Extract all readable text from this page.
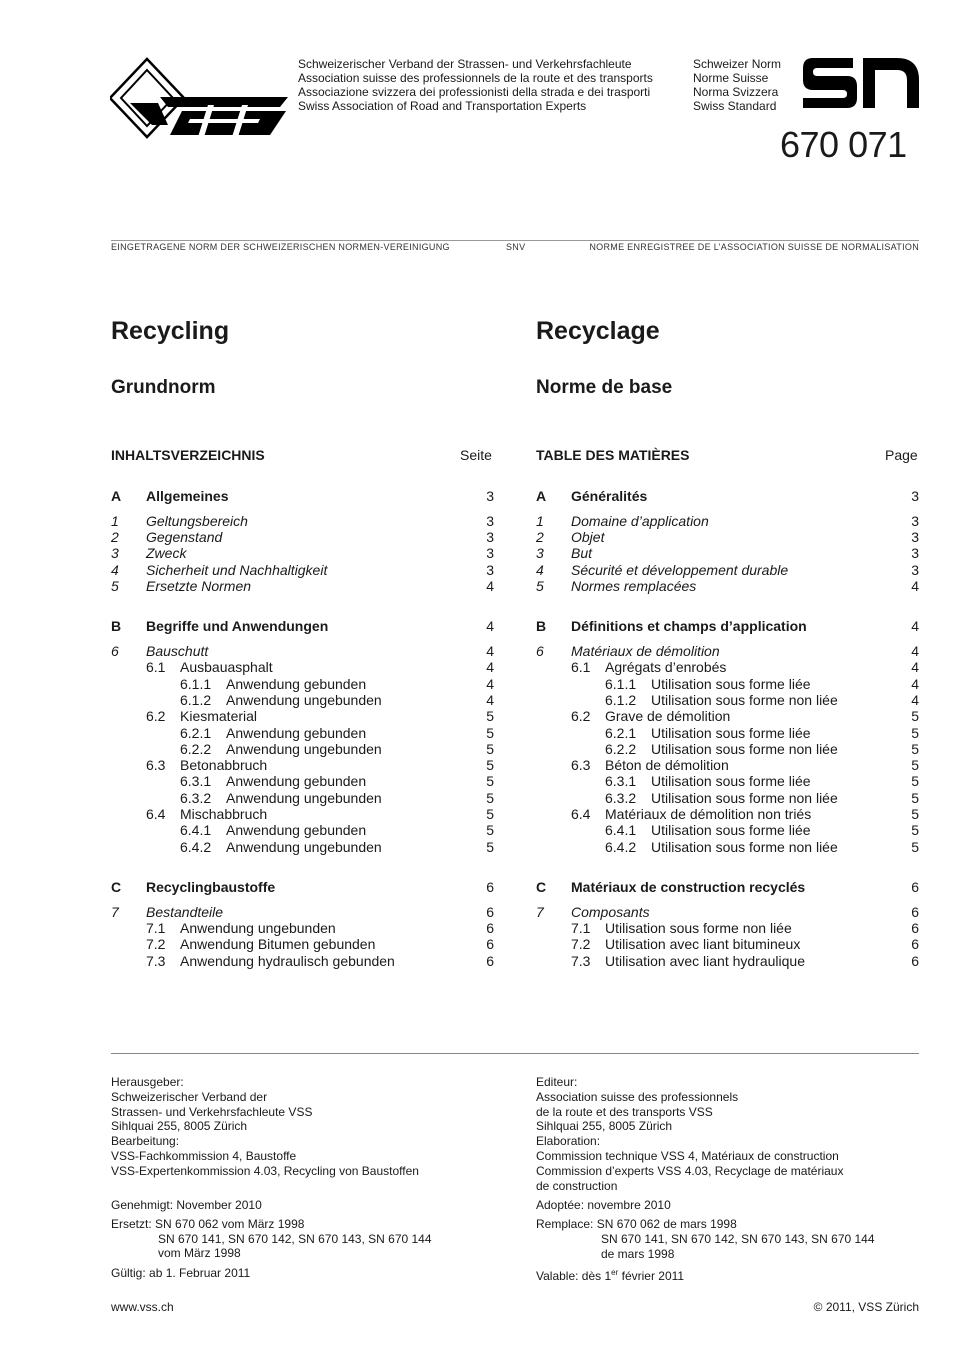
Schweizerischer Verband der Strassen- und Verkehrsfachleute
Association suisse des professionnels de la route et des transports
Associazione svizzera dei professionisti della strada e dei trasporti
Swiss Association of Road and Transportation Experts
Schweizer Norm
Norme Suisse
Norma Svizzera
Swiss Standard
670 071
EINGETRAGENE NORM DER SCHWEIZERISCHEN NORMEN-VEREINIGUNG	SNV	NORME ENREGISTREE DE L’ASSOCIATION SUISSE DE NORMALISATION
Recycling	Recyclage
Grundnorm	Norme de base
INHALTSVERZEICHNIS	Seite	TABLE DES MATIÈRES	Page
A Allgemeines	3
1 Geltungsbereich	3
2 Gegenstand	3
3 Zweck	3
4 Sicherheit und Nachhaltigkeit	3
5 Ersetzte Normen	4
B Begriffe und Anwendungen	4
6 Bauschutt	4
6.1 Ausbauasphalt	4
6.1.1 Anwendung gebunden	4
6.1.2 Anwendung ungebunden	4
6.2 Kiesmaterial	5
6.2.1 Anwendung gebunden	5
6.2.2 Anwendung ungebunden	5
6.3 Betonabbruch	5
6.3.1 Anwendung gebunden	5
6.3.2 Anwendung ungebunden	5
6.4 Mischabbruch	5
6.4.1 Anwendung gebunden	5
6.4.2 Anwendung ungebunden	5
C Recyclingbaustoffe	6
7 Bestandteile	6
7.1 Anwendung ungebunden	6
7.2 Anwendung Bitumen gebunden	6
7.3 Anwendung hydraulisch gebunden	6
A Généralités	3
1 Domaine d’application	3
2 Objet	3
3 But	3
4 Sécurité et développement durable	3
5 Normes remplacées	4
B Définitions et champs d’application	4
6 Matériaux de démolition	4
6.1 Agrégats d’enrobés	4
6.1.1 Utilisation sous forme liée	4
6.1.2 Utilisation sous forme non liée	4
6.2 Grave de démolition	5
6.2.1 Utilisation sous forme liée	5
6.2.2 Utilisation sous forme non liée	5
6.3 Béton de démolition	5
6.3.1 Utilisation sous forme liée	5
6.3.2 Utilisation sous forme non liée	5
6.4 Matériaux de démolition non triés	5
6.4.1 Utilisation sous forme liée	5
6.4.2 Utilisation sous forme non liée	5
C Matériaux de construction recyclés	6
7 Composants	6
7.1 Utilisation sous forme non liée	6
7.2 Utilisation avec liant bitumineux	6
7.3 Utilisation avec liant hydraulique	6
Herausgeber:
Schweizerischer Verband der
Strassen- und Verkehrsfachleute VSS
Sihlquai 255, 8005 Zürich
Bearbeitung:
VSS-Fachkommission 4, Baustoffe
VSS-Expertenkommission 4.03, Recycling von Baustoffen
Genehmigt: November 2010
Ersetzt: SN 670 062 vom März 1998
SN 670 141, SN 670 142, SN 670 143, SN 670 144
vom März 1998
Gültig: ab 1. Februar 2011
Editeur:
Association suisse des professionnels
de la route et des transports VSS
Sihlquai 255, 8005 Zürich
Elaboration:
Commission technique VSS 4, Matériaux de construction
Commission d’experts VSS 4.03, Recyclage de matériaux
de construction
Adoptée: novembre 2010
Remplace: SN 670 062 de mars 1998
SN 670 141, SN 670 142, SN 670 143, SN 670 144
de mars 1998
Valable: dès 1er février 2011
www.vss.ch	© 2011, VSS Zürich
